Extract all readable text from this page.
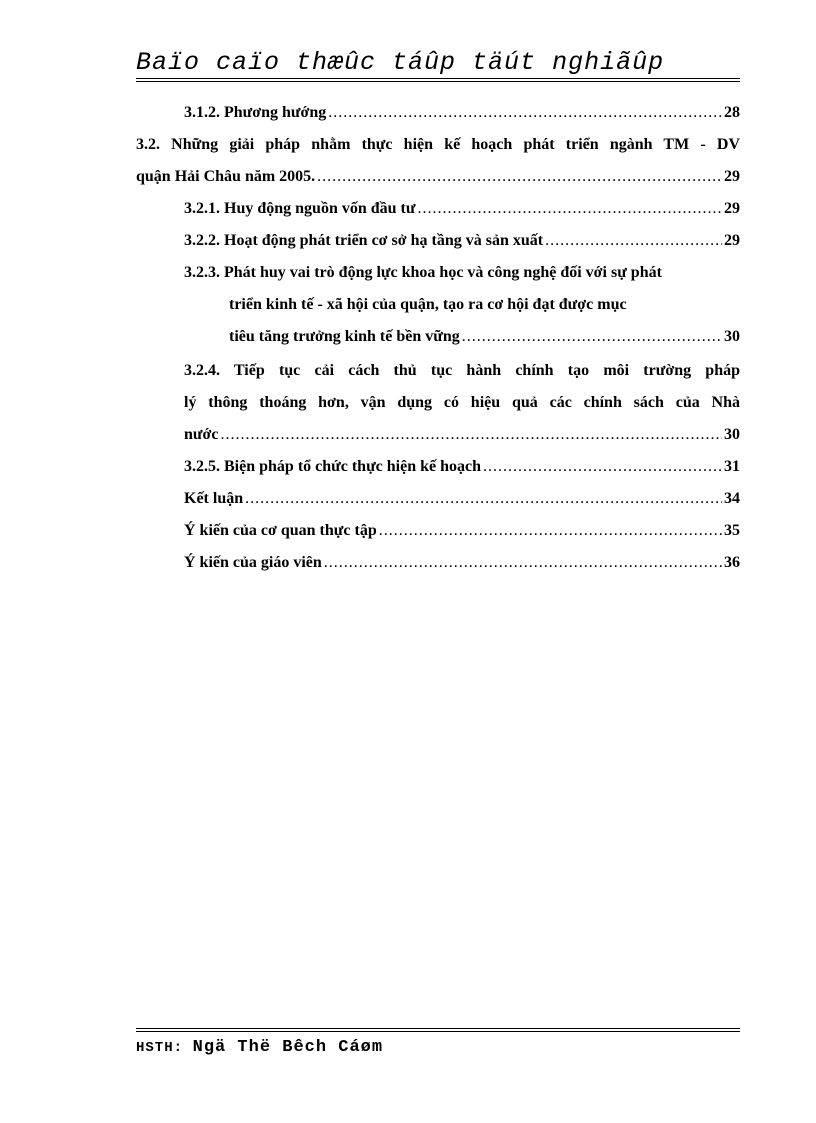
Baïo caïo thæûc táûp täút nghiãûp
3.1.2. Phương hướng .....	28
3.2. Những giải pháp nhằm thực hiện kế hoạch phát triển ngành TM - DV
quận Hải Châu năm 2005. .....	29
3.2.1. Huy động nguồn vốn đầu tư .....	29
3.2.2. Hoạt động phát triển cơ sở hạ tầng và sản xuất .....	29
3.2.3. Phát huy vai trò động lực khoa học và công nghệ đối với sự phát
triển kinh tế - xã hội của quận, tạo ra cơ hội đạt được mục
tiêu tăng trưởng kinh tế bền vững .....	30
3.2.4. Tiếp tục cải cách thủ tục hành chính tạo môi trường pháp
lý thông thoáng hơn, vận dụng có hiệu quả các chính sách của Nhà
nước .....	30
3.2.5. Biện pháp tổ chức thực hiện kế hoạch .....	31
Kết luận .....	34
Ý kiến của cơ quan thực tập .....	35
Ý kiến của giáo viên .....	36
HSTH: Ngä Thë Bêch Cáøm
